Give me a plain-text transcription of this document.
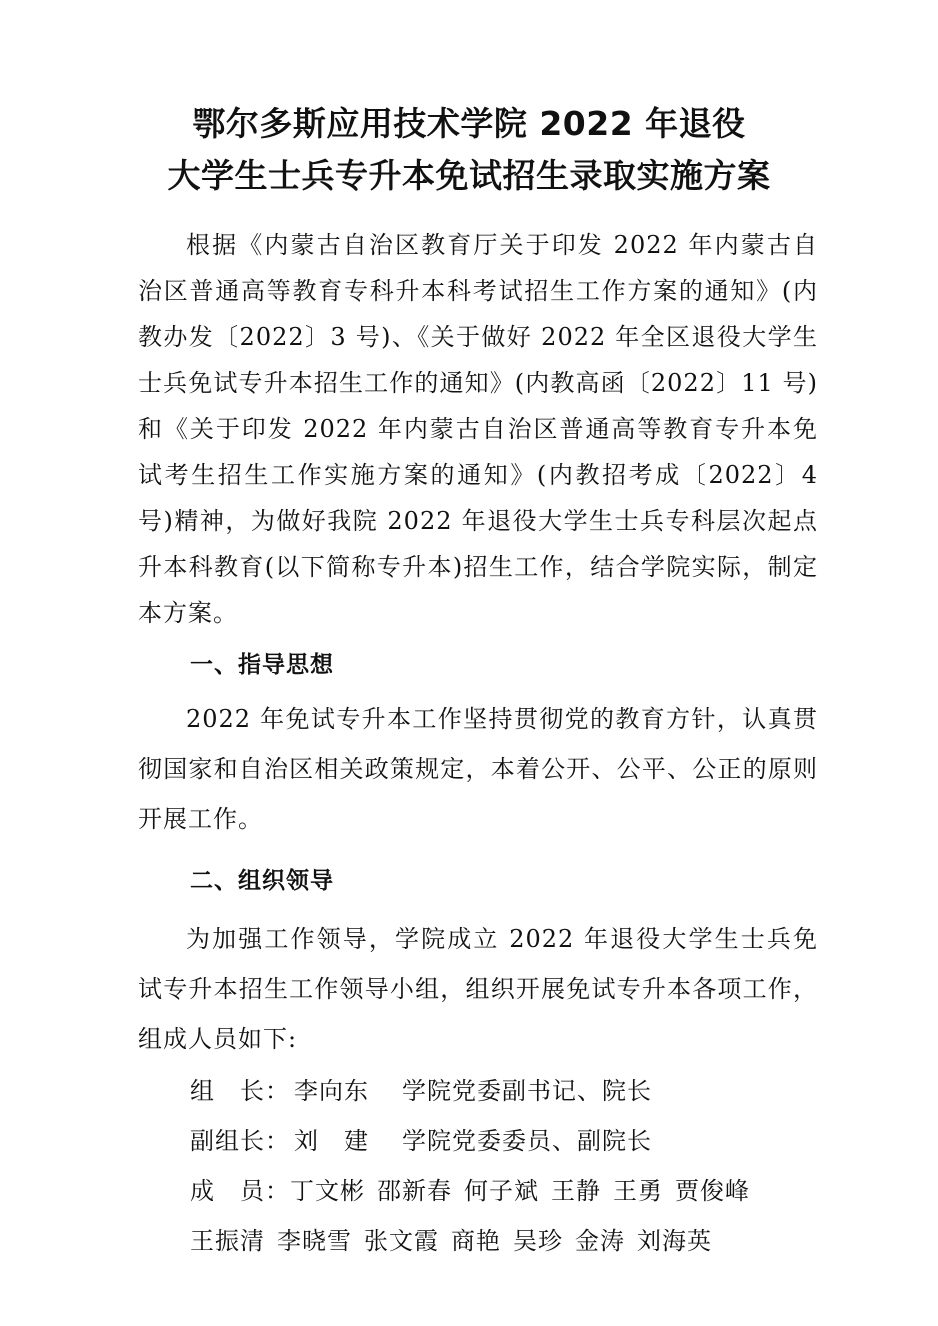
鄂尔多斯应用技术学院 2022 年退役
大学生士兵专升本免试招生录取实施方案

根据《内蒙古自治区教育厅关于印发 2022 年内蒙古自治区普通高等教育专科升本科考试招生工作方案的通知》(内教办发〔2022〕3 号)、《关于做好 2022 年全区退役大学生士兵免试专升本招生工作的通知》(内教高函〔2022〕11 号)和《关于印发 2022 年内蒙古自治区普通高等教育专升本免试考生招生工作实施方案的通知》(内教招考成〔2022〕4 号)精神，为做好我院 2022 年退役大学生士兵专科层次起点升本科教育(以下简称专升本)招生工作，结合学院实际，制定本方案。

一、指导思想

2022 年免试专升本工作坚持贯彻党的教育方针，认真贯彻国家和自治区相关政策规定，本着公开、公平、公正的原则开展工作。

二、组织领导

为加强工作领导，学院成立 2022 年退役大学生士兵免试专升本招生工作领导小组，组织开展免试专升本各项工作，组成人员如下:

组　长： 李向东 学院党委副书记、院长

副组长： 刘　建 学院党委委员、副院长

成　员：丁文彬 邵新春 何子斌 王静 王勇 贾俊峰

王振清 李晓雪 张文霞 商艳 吴珍 金涛 刘海英
